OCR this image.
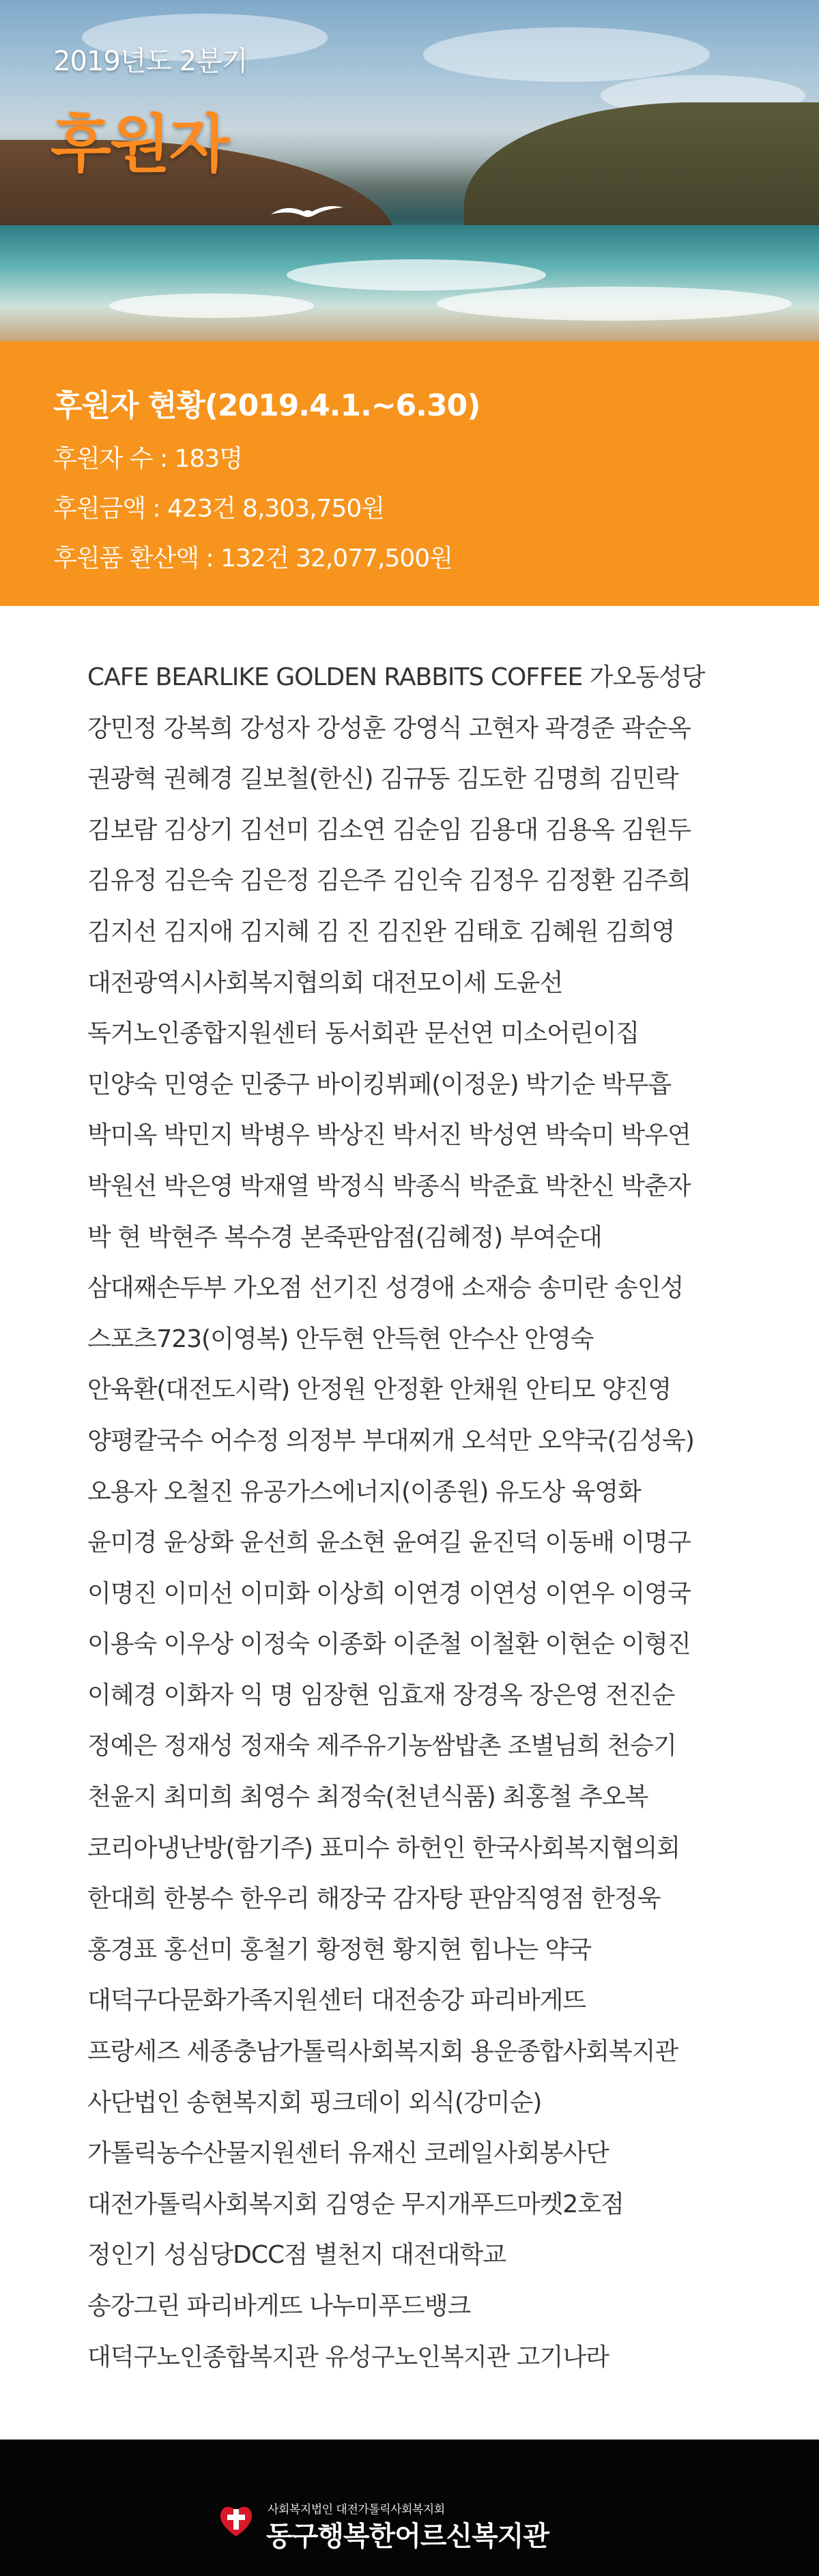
2019년도 2분기
후원자
후원자 현황(2019.4.1.~6.30)
후원자 수 : 183명
후원금액 : 423건 8,303,750원
후원품 환산액 : 132건 32,077,500원
CAFE BEARLIKE GOLDEN RABBITS COFFEE 가오동성당
강민정 강복희 강성자 강성훈 강영식 고현자 곽경준 곽순옥
권광혁 권혜경 길보철(한신) 김규동 김도한 김명희 김민락
김보람 김상기 김선미 김소연 김순임 김용대 김용옥 김원두
김유정 김은숙 김은정 김은주 김인숙 김정우 김정환 김주희
김지선 김지애 김지혜 김 진 김진완 김태호 김혜원 김희영
대전광역시사회복지협의회 대전모이세 도윤선
독거노인종합지원센터 동서회관 문선연 미소어린이집
민양숙 민영순 민중구 바이킹뷔페(이정운) 박기순 박무흡
박미옥 박민지 박병우 박상진 박서진 박성연 박숙미 박우연
박원선 박은영 박재열 박정식 박종식 박준효 박찬신 박춘자
박 현 박현주 복수경 본죽판암점(김혜정) 부여순대
삼대째손두부 가오점 선기진 성경애 소재승 송미란 송인성
스포츠723(이영복) 안두현 안득현 안수산 안영숙
안육환(대전도시락) 안정원 안정환 안채원 안티모 양진영
양평칼국수 어수정 의정부 부대찌개 오석만 오약국(김성욱)
오용자 오철진 유공가스에너지(이종원) 유도상 육영화
윤미경 윤상화 윤선희 윤소현 윤여길 윤진덕 이동배 이명구
이명진 이미선 이미화 이상희 이연경 이연성 이연우 이영국
이용숙 이우상 이정숙 이종화 이준철 이철환 이현순 이형진
이혜경 이화자 익 명 임장현 임효재 장경옥 장은영 전진순
정예은 정재성 정재숙 제주유기농쌈밥촌 조별님희 천승기
천윤지 최미희 최영수 최정숙(천년식품) 최홍철 추오복
코리아냉난방(함기주) 표미수 하헌인 한국사회복지협의회
한대희 한봉수 한우리 해장국 감자탕 판암직영점 한정욱
홍경표 홍선미 홍철기 황정현 황지현 힘나는 약국
대덕구다문화가족지원센터 대전송강 파리바게뜨
프랑세즈 세종충남가톨릭사회복지회 용운종합사회복지관
사단법인 송현복지회 핑크데이 외식(강미순)
가톨릭농수산물지원센터 유재신 코레일사회봉사단
대전가톨릭사회복지회 김영순 무지개푸드마켓2호점
정인기 성심당DCC점 별천지 대전대학교
송강그린 파리바게뜨 나누미푸드뱅크
대덕구노인종합복지관 유성구노인복지관 고기나라
사회복지법인 대전가톨릭사회복지회
동구행복한어르신복지관
